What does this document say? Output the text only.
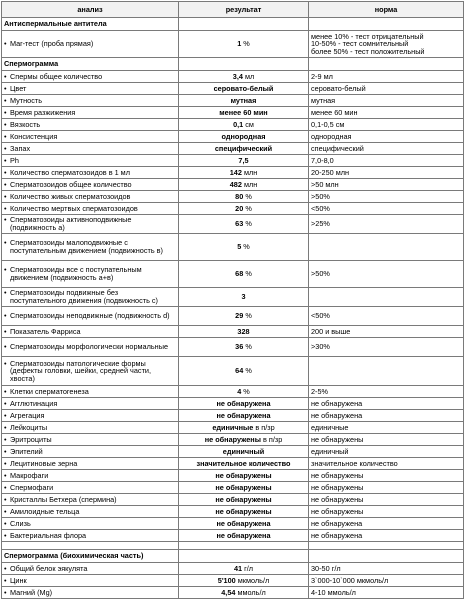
анализ	результат	норма
Антиспермальные антитела		

• Mar-тест (проба прямая)	1 %	менее 10% - тест отрицательный
10-50% - тест сомнительный
более 50% - тест положительный
Спермограмма		

• Спермы общее количество	3,4 мл	2-9 мл

• Цвет	серовато-белый	серовато-белый

• Мутность	мутная	мутная

• Время разжижения	менее 60 мин	менее 60 мин

• Вязкость	0,1 см	0,1-0,5 см

• Консистенция	однородная	однородная

• Запах	специфический	специфический

• Ph	7,5	7,0-8,0

• Количество сперматозоидов в 1 мл	142 млн	20-250 млн

• Сперматозоидов общее количество	482 млн	>50 млн

• Количество живых сперматозоидов	80 %	>50%

• Количество мертвых сперматозоидов	20 %	<50%

• Сперматозоиды активноподвижные (подвижность а)	63 %	>25%

• Сперматозоиды малоподвижные с поступательным движением (подвижность в)	5 %	

• Сперматозоиды все с поступательным движением (подвижность а+в)	68 %	>50%

• Сперматозоиды подвижные без поступательного движения (подвижность с)	3	

• Сперматозоиды неподвижные (подвижность d)	29 %	<50%

• Показатель Фарриса	328	200 и выше

• Сперматозоиды морфологически нормальные	36 %	>30%

• Сперматозоиды патологические формы (дефекты головки, шейки, средней части, хвоста)	64 %	

• Клетки сперматогенеза	4 %	2-5%

• Агглютинация	не обнаружена	не обнаружена

• Агрегация	не обнаружена	не обнаружена

• Лейкоциты	единичные в п/зр	единичные

• Эритроциты	не обнаружены в п/зр	не обнаружены

• Эпителий	единичный	единичный

• Лецитиновые зерна	значительное количество	значительное количество

• Макрофаги	не обнаружены	не обнаружены

• Спермофаги	не обнаружены	не обнаружены

• Кристаллы Бетхера (спермина)	не обнаружены	не обнаружены

• Амилоидные тельца	не обнаружены	не обнаружены

• Слизь	не обнаружена	не обнаружена

• Бактериальная флора	не обнаружена	не обнаружена

Спермограмма (биохимическая часть)		

• Общий белок эякулята	41 г/л	30-50 г/л

• Цинк	5'100 мкмоль/л	3`000-10`000 мкмоль/л

• Магний (Mg)	4,54 ммоль/л	4-10 ммоль/л
